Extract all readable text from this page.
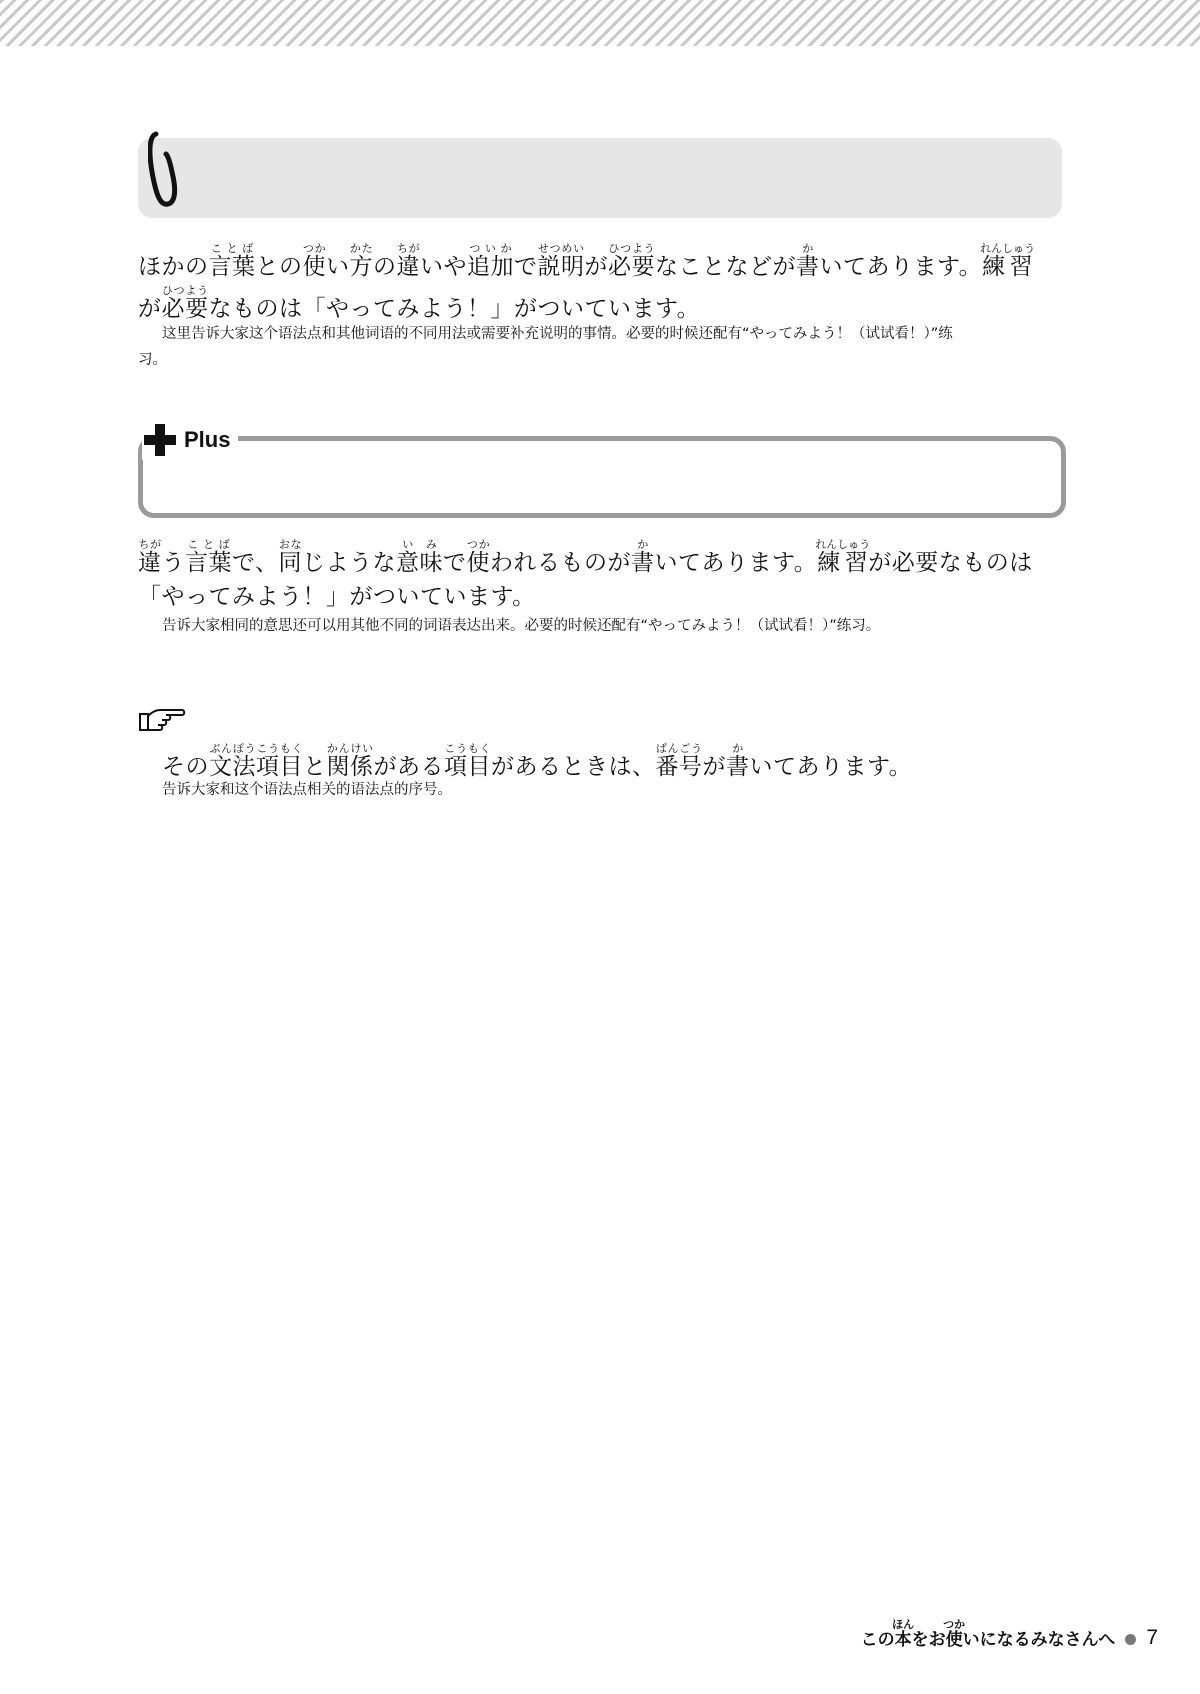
ほかの言葉ことばとの使つかい方かたの違ちがいや追加ついかで説明せつめいが必要ひつようなことなどが書かいてあります。練習れんしゅう
が必要ひつようなものは「やってみよう！」がついています。
这里告诉大家这个语法点和其他词语的不同用法或需要补充说明的事情。必要的时候还配有“やってみよう！（试试看！）”练
习。
Plus
違ちがう言葉ことばで、同おなじような意味いみで使つかわれるものが書かいてあります。練習れんしゅうが必要なものは
「やってみよう！」がついています。
告诉大家相同的意思还可以用其他不同的词语表达出来。必要的时候还配有“やってみよう！（试试看！）”练习。
その文法項目ぶんぽうこうもくと関係かんけいがある項目こうもくがあるときは、番号ばんごうが書かいてあります。
告诉大家和这个语法点相关的语法点的序号。
この本ほんをお使つかいになるみなさんへ 7
